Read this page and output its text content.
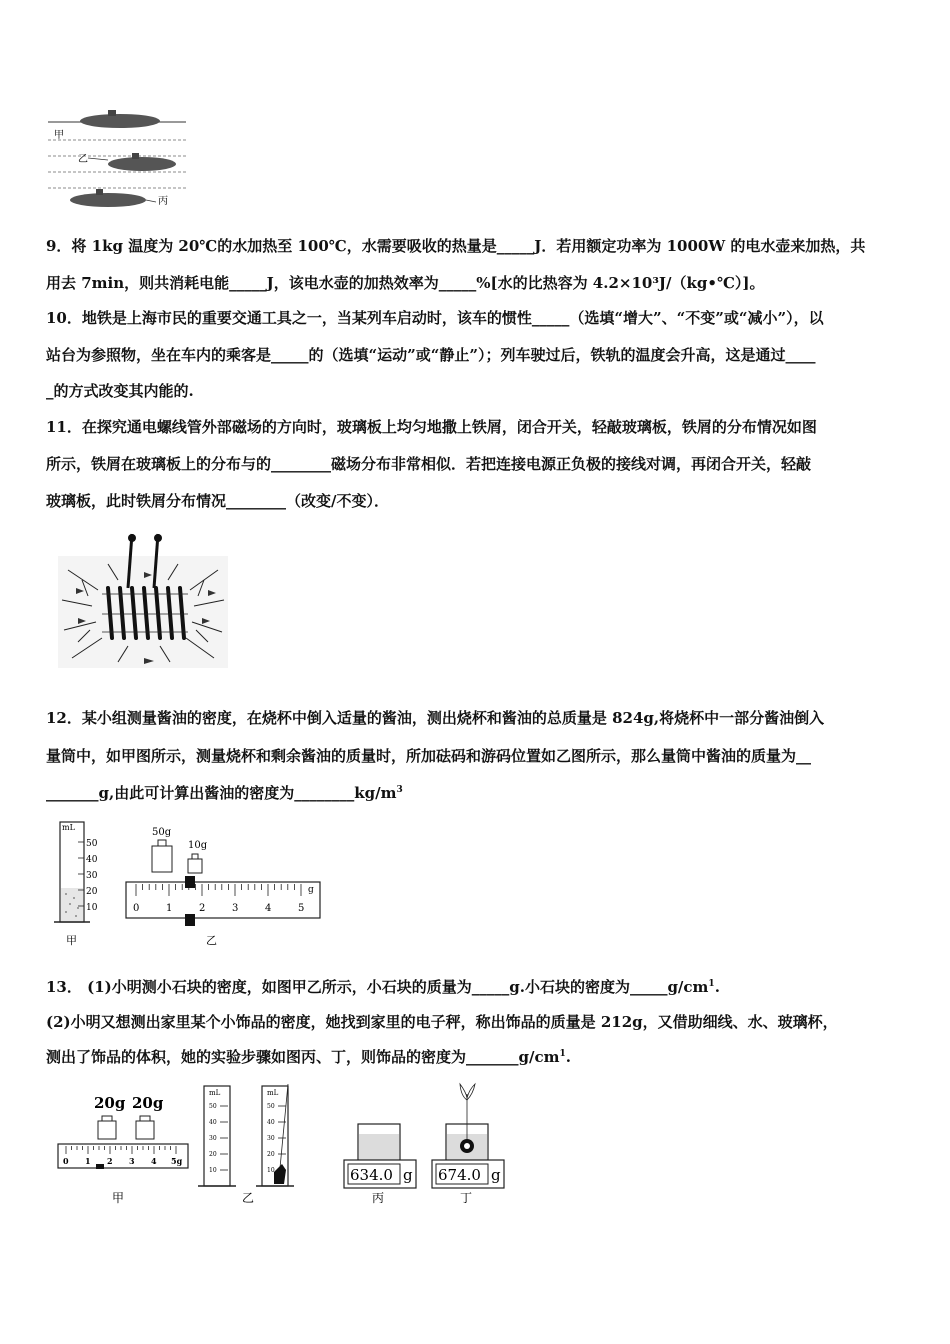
甲
乙
丙
9．将 1kg 温度为 20℃的水加热至 100℃，水需要吸收的热量是_____J．若用额定功率为 1000W 的电水壶来加热，共
用去 7min，则共消耗电能_____J，该电水壶的加热效率为_____%[水的比热容为 4.2×10³J/（kg•℃）]。
10．地铁是上海市民的重要交通工具之一，当某列车启动时，该车的惯性_____（选填“增大”、“不变”或“减小”），以
站台为参照物，坐在车内的乘客是_____的（选填“运动”或“静止”）；列车驶过后，铁轨的温度会升高，这是通过____
_的方式改变其内能的.
11．在探究通电螺线管外部磁场的方向时，玻璃板上均匀地撒上铁屑，闭合开关，轻敲玻璃板，铁屑的分布情况如图
所示，铁屑在玻璃板上的分布与的________磁场分布非常相似．若把连接电源正负极的接线对调，再闭合开关，轻敲
玻璃板，此时铁屑分布情况________（改变/不变）．
12．某小组测量酱油的密度，在烧杯中倒入适量的酱油，测出烧杯和酱油的总质量是 824g,将烧杯中一部分酱油倒入
量筒中，如甲图所示，测量烧杯和剩余酱油的质量时，所加砝码和游码位置如乙图所示，那么量筒中酱油的质量为__
_______g,由此可计算出酱油的密度为$\_\_\_\_\_\_\_\_kg/m^3$
mL
50
40
30
20
10
甲
50g
10g
0	1	2	3	4	5
g
乙
13． (1)小明测小石块的密度，如图甲乙所示，小石块的质量为_____g.小石块的密度为$\_\_\_\_\_g/cm^1$.
(2)小明又想测出家里某个小饰品的密度，她找到家里的电子秤，称出饰品的质量是 212g，又借助细线、水、玻璃杯，
测出了饰品的体积，她的实验步骤如图丙、丁，则饰品的密度为$\_\_\_\_\_\_\_g/cm^1$.
20g 20g
0 1 2 3 4 5g
甲
mL
50
40
30
20
10
mL
50
40
30
20
10
乙
634.0 g
丙
674.0 g
丁
